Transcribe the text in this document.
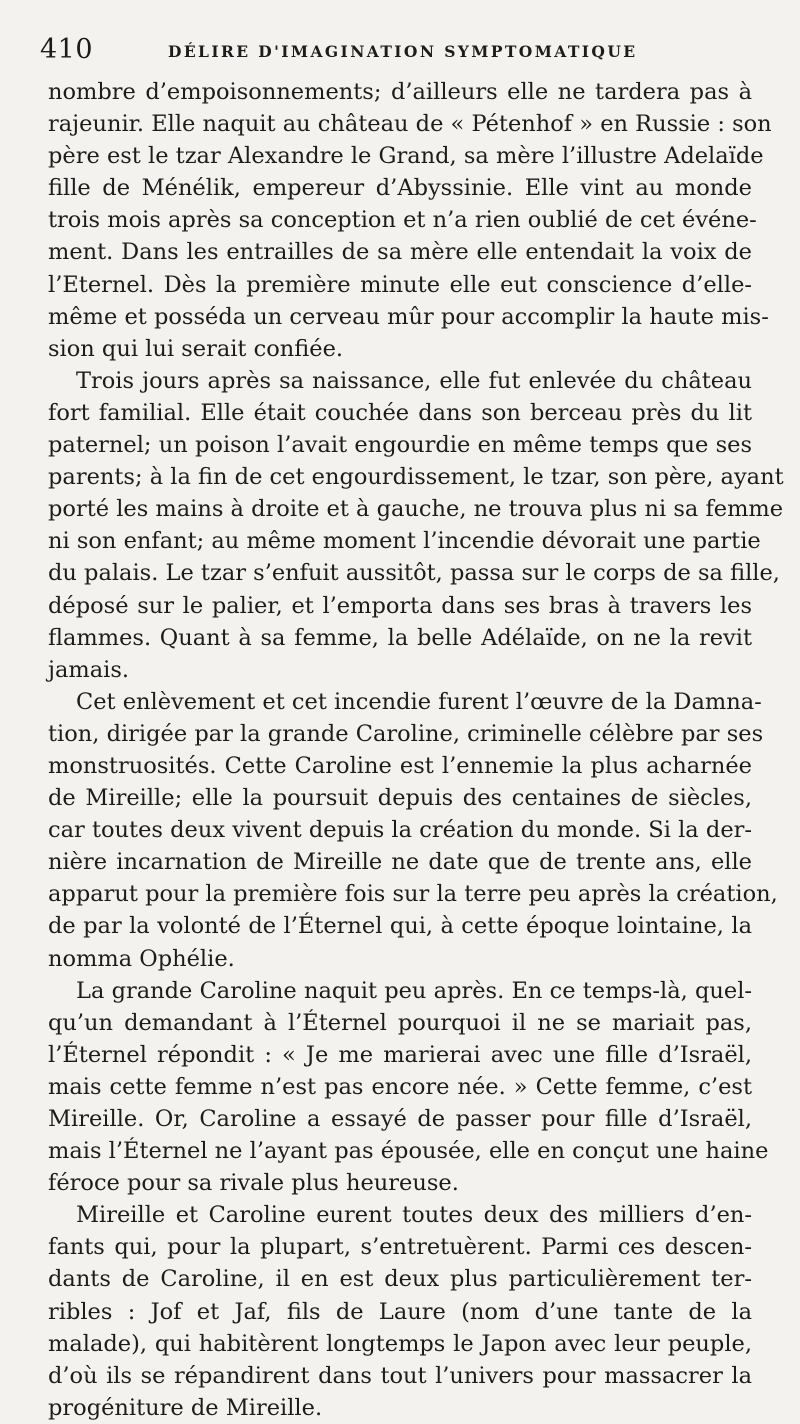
410	DÉLIRE D'IMAGINATION SYMPTOMATIQUE
nombre d’empoisonnements; d’ailleurs elle ne tardera pas à
rajeunir. Elle naquit au château de « Pétenhof » en Russie : son
père est le tzar Alexandre le Grand, sa mère l’illustre Adelaïde
fille de Ménélik, empereur d’Abyssinie. Elle vint au monde
trois mois après sa conception et n’a rien oublié de cet événe-
ment. Dans les entrailles de sa mère elle entendait la voix de
l’Eternel. Dès la première minute elle eut conscience d’elle-
même et posséda un cerveau mûr pour accomplir la haute mis-
sion qui lui serait confiée.
Trois jours après sa naissance, elle fut enlevée du château
fort familial. Elle était couchée dans son berceau près du lit
paternel; un poison l’avait engourdie en même temps que ses
parents; à la fin de cet engourdissement, le tzar, son père, ayant
porté les mains à droite et à gauche, ne trouva plus ni sa femme
ni son enfant; au même moment l’incendie dévorait une partie
du palais. Le tzar s’enfuit aussitôt, passa sur le corps de sa fille,
déposé sur le palier, et l’emporta dans ses bras à travers les
flammes. Quant à sa femme, la belle Adélaïde, on ne la revit
jamais.
Cet enlèvement et cet incendie furent l’œuvre de la Damna-
tion, dirigée par la grande Caroline, criminelle célèbre par ses
monstruosités. Cette Caroline est l’ennemie la plus acharnée
de Mireille; elle la poursuit depuis des centaines de siècles,
car toutes deux vivent depuis la création du monde. Si la der-
nière incarnation de Mireille ne date que de trente ans, elle
apparut pour la première fois sur la terre peu après la création,
de par la volonté de l’Éternel qui, à cette époque lointaine, la
nomma Ophélie.
La grande Caroline naquit peu après. En ce temps-là, quel-
qu’un demandant à l’Éternel pourquoi il ne se mariait pas,
l’Éternel répondit : « Je me marierai avec une fille d’Israël,
mais cette femme n’est pas encore née. » Cette femme, c’est
Mireille. Or, Caroline a essayé de passer pour fille d’Israël,
mais l’Éternel ne l’ayant pas épousée, elle en conçut une haine
féroce pour sa rivale plus heureuse.
Mireille et Caroline eurent toutes deux des milliers d’en-
fants qui, pour la plupart, s’entretuèrent. Parmi ces descen-
dants de Caroline, il en est deux plus particulièrement ter-
ribles : Jof et Jaf, fils de Laure (nom d’une tante de la
malade), qui habitèrent longtemps le Japon avec leur peuple,
d’où ils se répandirent dans tout l’univers pour massacrer la
progéniture de Mireille.
